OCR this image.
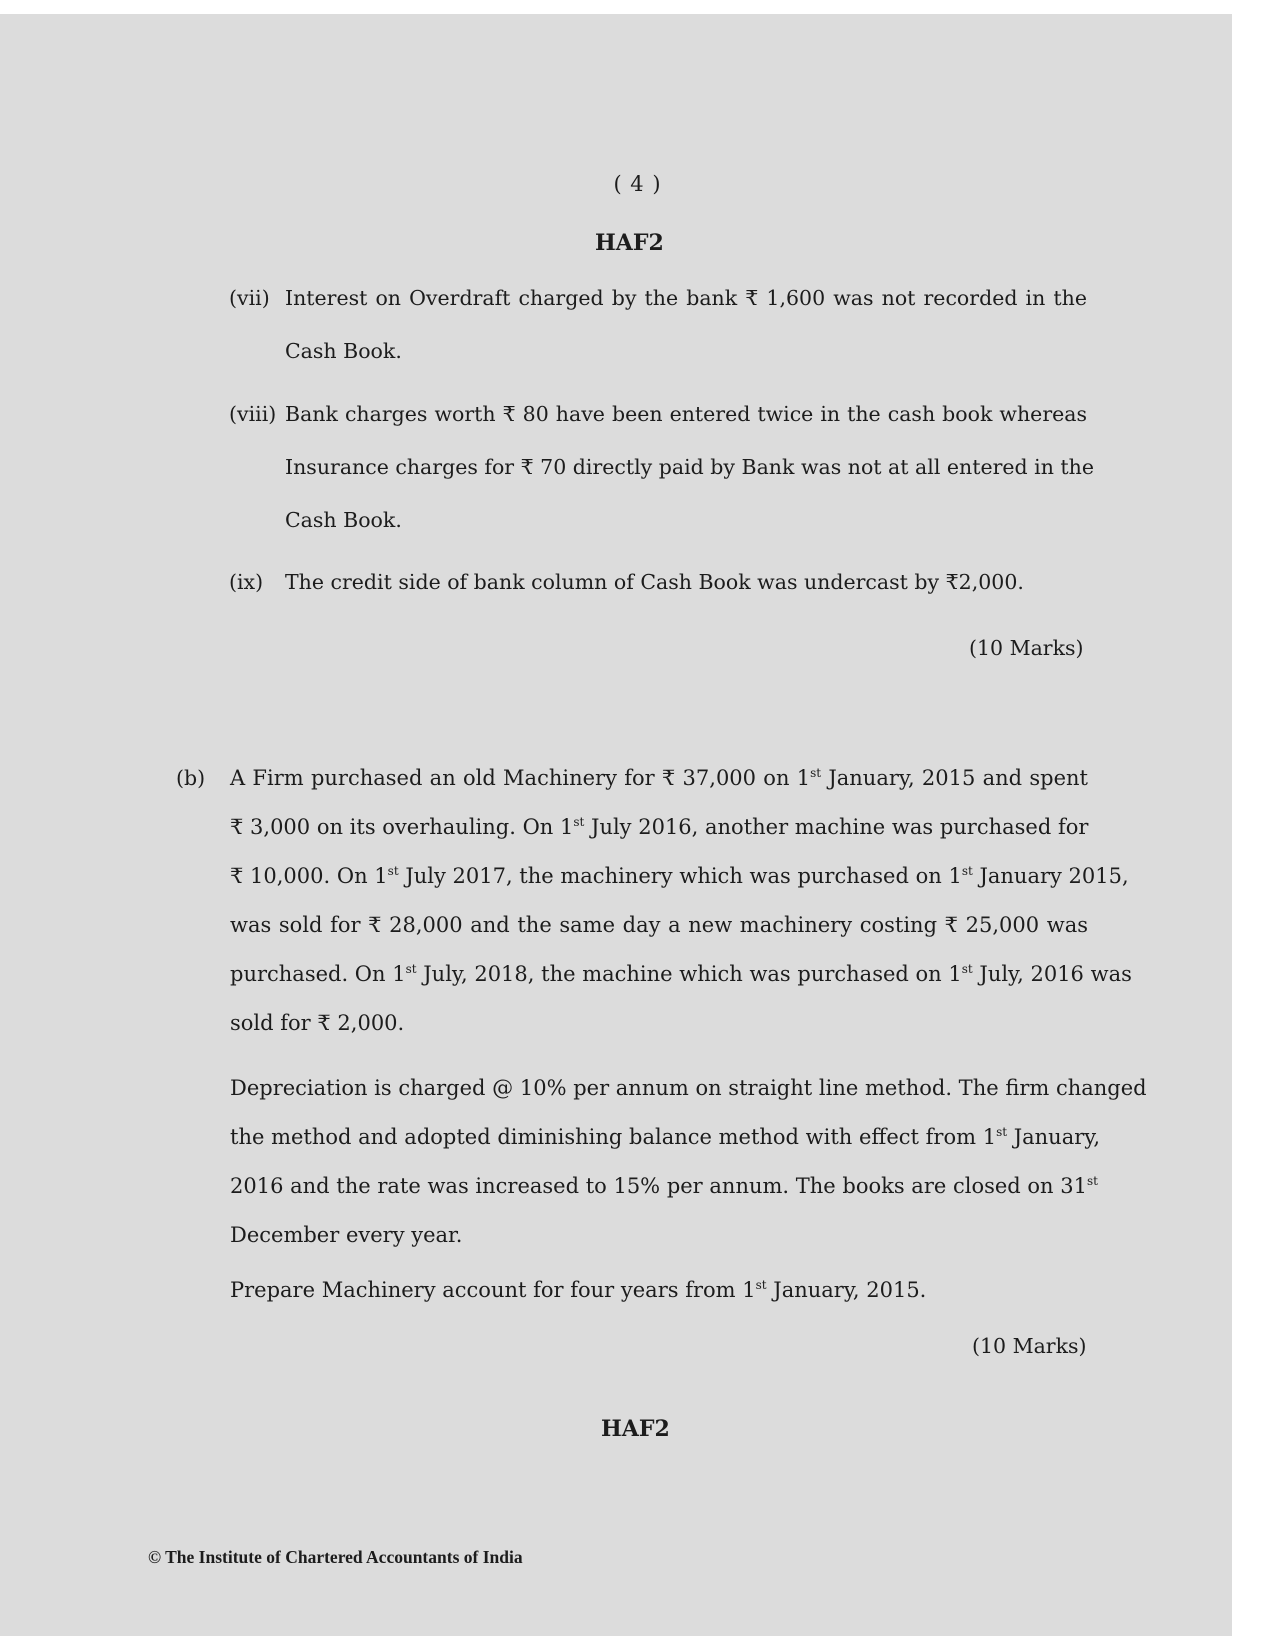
( 4 )

HAF2

(vii) Interest on Overdraft charged by the bank ₹ 1,600 was not recorded in the
Cash Book.
(viii) Bank charges worth ₹ 80 have been entered twice in the cash book whereas
Insurance charges for ₹ 70 directly paid by Bank was not at all entered in the
Cash Book.
(ix) The credit side of bank column of Cash Book was undercast by ₹2,000.

(10 Marks)

(b) A Firm purchased an old Machinery for ₹ 37,000 on 1st January, 2015 and spent
₹ 3,000 on its overhauling. On 1st July 2016, another machine was purchased for
₹ 10,000. On 1st July 2017, the machinery which was purchased on 1st January 2015,
was sold for ₹ 28,000 and the same day a new machinery costing ₹ 25,000 was
purchased. On 1st July, 2018, the machine which was purchased on 1st July, 2016 was
sold for ₹ 2,000.
Depreciation is charged @ 10% per annum on straight line method. The firm changed
the method and adopted diminishing balance method with effect from 1st January,
2016 and the rate was increased to 15% per annum. The books are closed on 31st
December every year.
Prepare Machinery account for four years from 1st January, 2015.

(10 Marks)

HAF2

© The Institute of Chartered Accountants of India
